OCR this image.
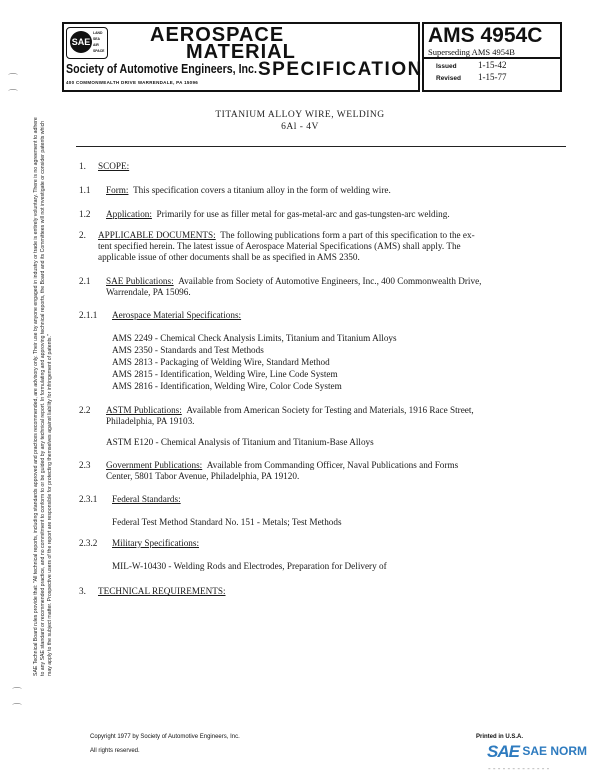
SAE
LAND
SEA
AIR
SPACE
AEROSPACE
MATERIAL
SPECIFICATION
Society of Automotive Engineers, Inc.
400 COMMONWEALTH DRIVE WARRENDALE, PA 15096
AMS 4954C
Superseding AMS 4954B
Issued 1-15-42
Revised 1-15-77
TITANIUM ALLOY WIRE, WELDING
6Al - 4V
1. SCOPE:
1.1 Form: This specification covers a titanium alloy in the form of welding wire.
1.2 Application: Primarily for use as filler metal for gas-metal-arc and gas-tungsten-arc welding.
2. APPLICABLE DOCUMENTS: The following publications form a part of this specification to the ex-
tent specified herein. The latest issue of Aerospace Material Specifications (AMS) shall apply. The
applicable issue of other documents shall be as specified in AMS 2350.
2.1 SAE Publications: Available from Society of Automotive Engineers, Inc., 400 Commonwealth Drive,
Warrendale, PA 15096.
2.1.1 Aerospace Material Specifications:
AMS 2249 - Chemical Check Analysis Limits, Titanium and Titanium Alloys
AMS 2350 - Standards and Test Methods
AMS 2813 - Packaging of Welding Wire, Standard Method
AMS 2815 - Identification, Welding Wire, Line Code System
AMS 2816 - Identification, Welding Wire, Color Code System
2.2 ASTM Publications: Available from American Society for Testing and Materials, 1916 Race Street,
Philadelphia, PA 19103.
ASTM E120 - Chemical Analysis of Titanium and Titanium-Base Alloys
2.3 Government Publications: Available from Commanding Officer, Naval Publications and Forms
Center, 5801 Tabor Avenue, Philadelphia, PA 19120.
2.3.1 Federal Standards:
Federal Test Method Standard No. 151 - Metals; Test Methods
2.3.2 Military Specifications:
MIL-W-10430 - Welding Rods and Electrodes, Preparation for Delivery of
3. TECHNICAL REQUIREMENTS:
SAE Technical Board rules provide that: "All technical reports, including standards approved and practices recommended, are advisory only. Their use by anyone engaged in industry or trade is entirely voluntary. There is no agreement to adhere to any SAE standard or recommended practice, and no commitment to conform to or be guided by any technical report. In formulating and approving technical reports, the Board and its Committees will not investigate or consider patents which may apply to the subject matter. Prospective users of the report are responsible for protecting themselves against liability for infringement of patents."
⌒
⌒
⌒
⌒
Copyright 1977 by Society of Automotive Engineers, Inc.
All rights reserved.
Printed in U.S.A.
SAE SAE NORM
- - - - - - - - - - - - -
